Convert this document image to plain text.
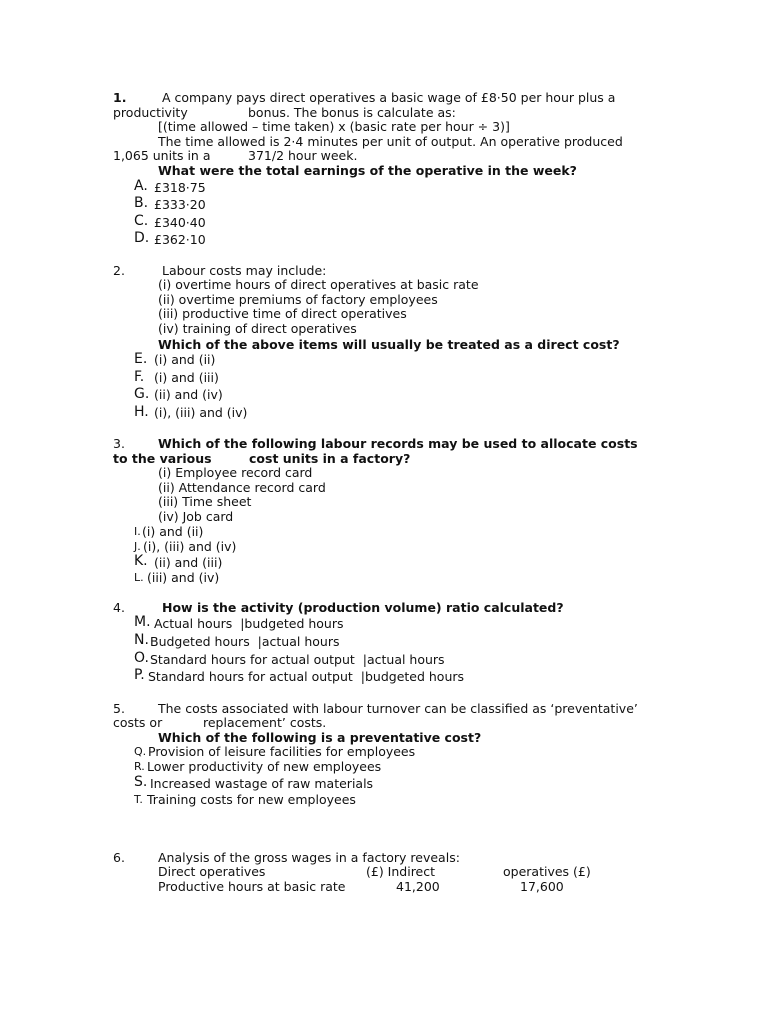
1.	A company pays direct operatives a basic wage of £8·50 per hour plus a
productivity	bonus. The bonus is calculate as:
[(time allowed – time taken) x (basic rate per hour ÷ 3)]
The time allowed is 2·4 minutes per unit of output. An operative produced
1,065 units in a	371/2 hour week.
What were the total earnings of the operative in the week?
A. £318·75
B. £333·20
C. £340·40
D. £362·10
2.	Labour costs may include:
(i) overtime hours of direct operatives at basic rate
(ii) overtime premiums of factory employees
(iii) productive time of direct operatives
(iv) training of direct operatives
Which of the above items will usually be treated as a direct cost?
E. (i) and (ii)
F. (i) and (iii)
G. (ii) and (iv)
H. (i), (iii) and (iv)
3.	Which of the following labour records may be used to allocate costs
to the various	cost units in a factory?
(i) Employee record card
(ii) Attendance record card
(iii) Time sheet
(iv) Job card
I. (i) and (ii)
J. (i), (iii) and (iv)
K. (ii) and (iii)
L. (iii) and (iv)
4.	How is the activity (production volume) ratio calculated?
M. Actual hours  |budgeted hours
N. Budgeted hours  |actual hours
O. Standard hours for actual output  |actual hours
P. Standard hours for actual output  |budgeted hours
5.	The costs associated with labour turnover can be classified as ‘preventative’
costs or	replacement’ costs.
Which of the following is a preventative cost?
Q. Provision of leisure facilities for employees
R. Lower productivity of new employees
S. Increased wastage of raw materials
T. Training costs for new employees
6.	Analysis of the gross wages in a factory reveals:
Direct operatives	(£) Indirect	operatives (£)
Productive hours at basic rate	41,200	17,600
